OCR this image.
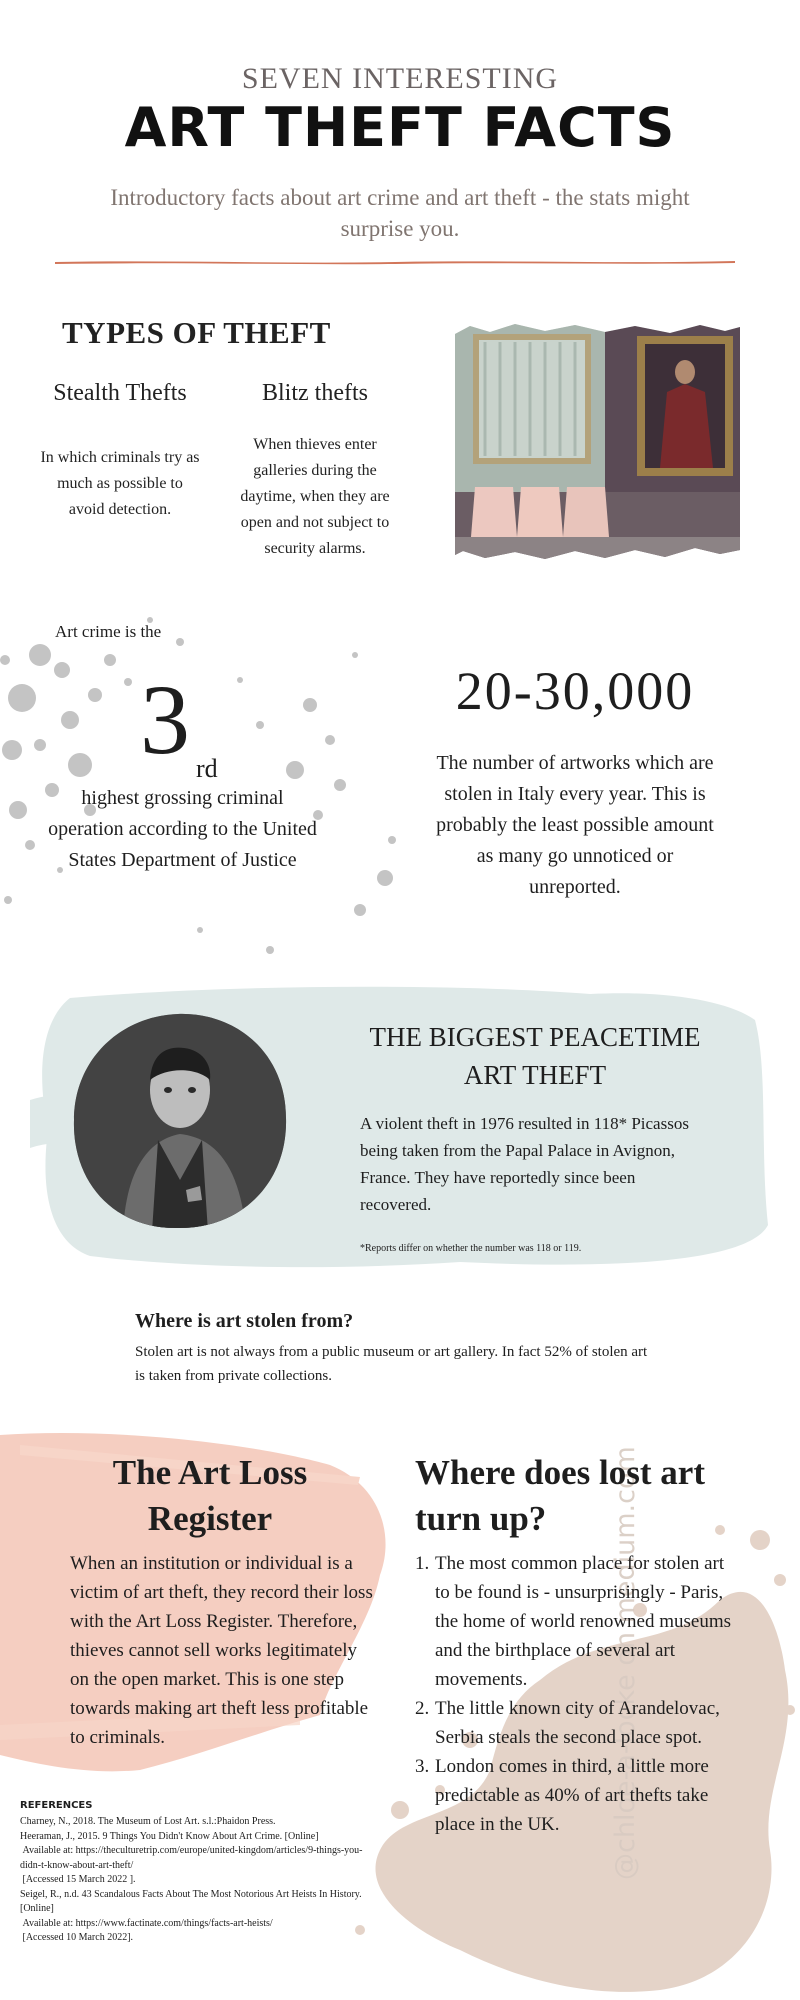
SEVEN INTERESTING
ART THEFT FACTS
Introductory facts about art crime and art theft - the stats might surprise you.
TYPES OF THEFT
Stealth Thefts
In which criminals try as much as possible to avoid detection.
Blitz thefts
When thieves enter galleries during the daytime, when they are open and not subject to security alarms.
Art crime is the
3 rd
highest grossing criminal operation according to the United States Department of Justice
20-30,000
The number of artworks which are stolen in Italy every year. This is probably the least possible amount as many go unnoticed or unreported.
THE BIGGEST PEACETIME ART THEFT
A violent theft in 1976 resulted in 118* Picassos being taken from the Papal Palace in Avignon, France. They have reportedly since been recovered.
*Reports differ on whether the number was 118 or 119.
Where is art stolen from?
Stolen art is not always from a public museum or art gallery. In fact 52% of stolen art is taken from private collections.
@chloe-a-locke on medium.com
The Art Loss Register
When an institution or individual is a victim of art theft, they record their loss with the Art Loss Register. Therefore, thieves cannot sell works legitimately on the open market. This is one step towards making art theft less profitable to criminals.
Where does lost art turn up?
1. The most common place for stolen art to be found is - unsurprisingly - Paris, the home of world renowned museums and the birthplace of several art movements.
2. The little known city of Arandelovac, Serbia steals the second place spot.
3. London comes in third, a little more predictable as 40% of art thefts take place in the UK.
REFERENCES
Charney, N., 2018. The Museum of Lost Art. s.l.:Phaidon Press.
Heeraman, J., 2015. 9 Things You Didn't Know About Art Crime. [Online]
Available at: https://theculturetrip.com/europe/united-kingdom/articles/9-things-you-didn-t-know-about-art-theft/
[Accessed 15 March 2022 ].
Seigel, R., n.d. 43 Scandalous Facts About The Most Notorious Art Heists In History. [Online]
Available at: https://www.factinate.com/things/facts-art-heists/
[Accessed 10 March 2022].
